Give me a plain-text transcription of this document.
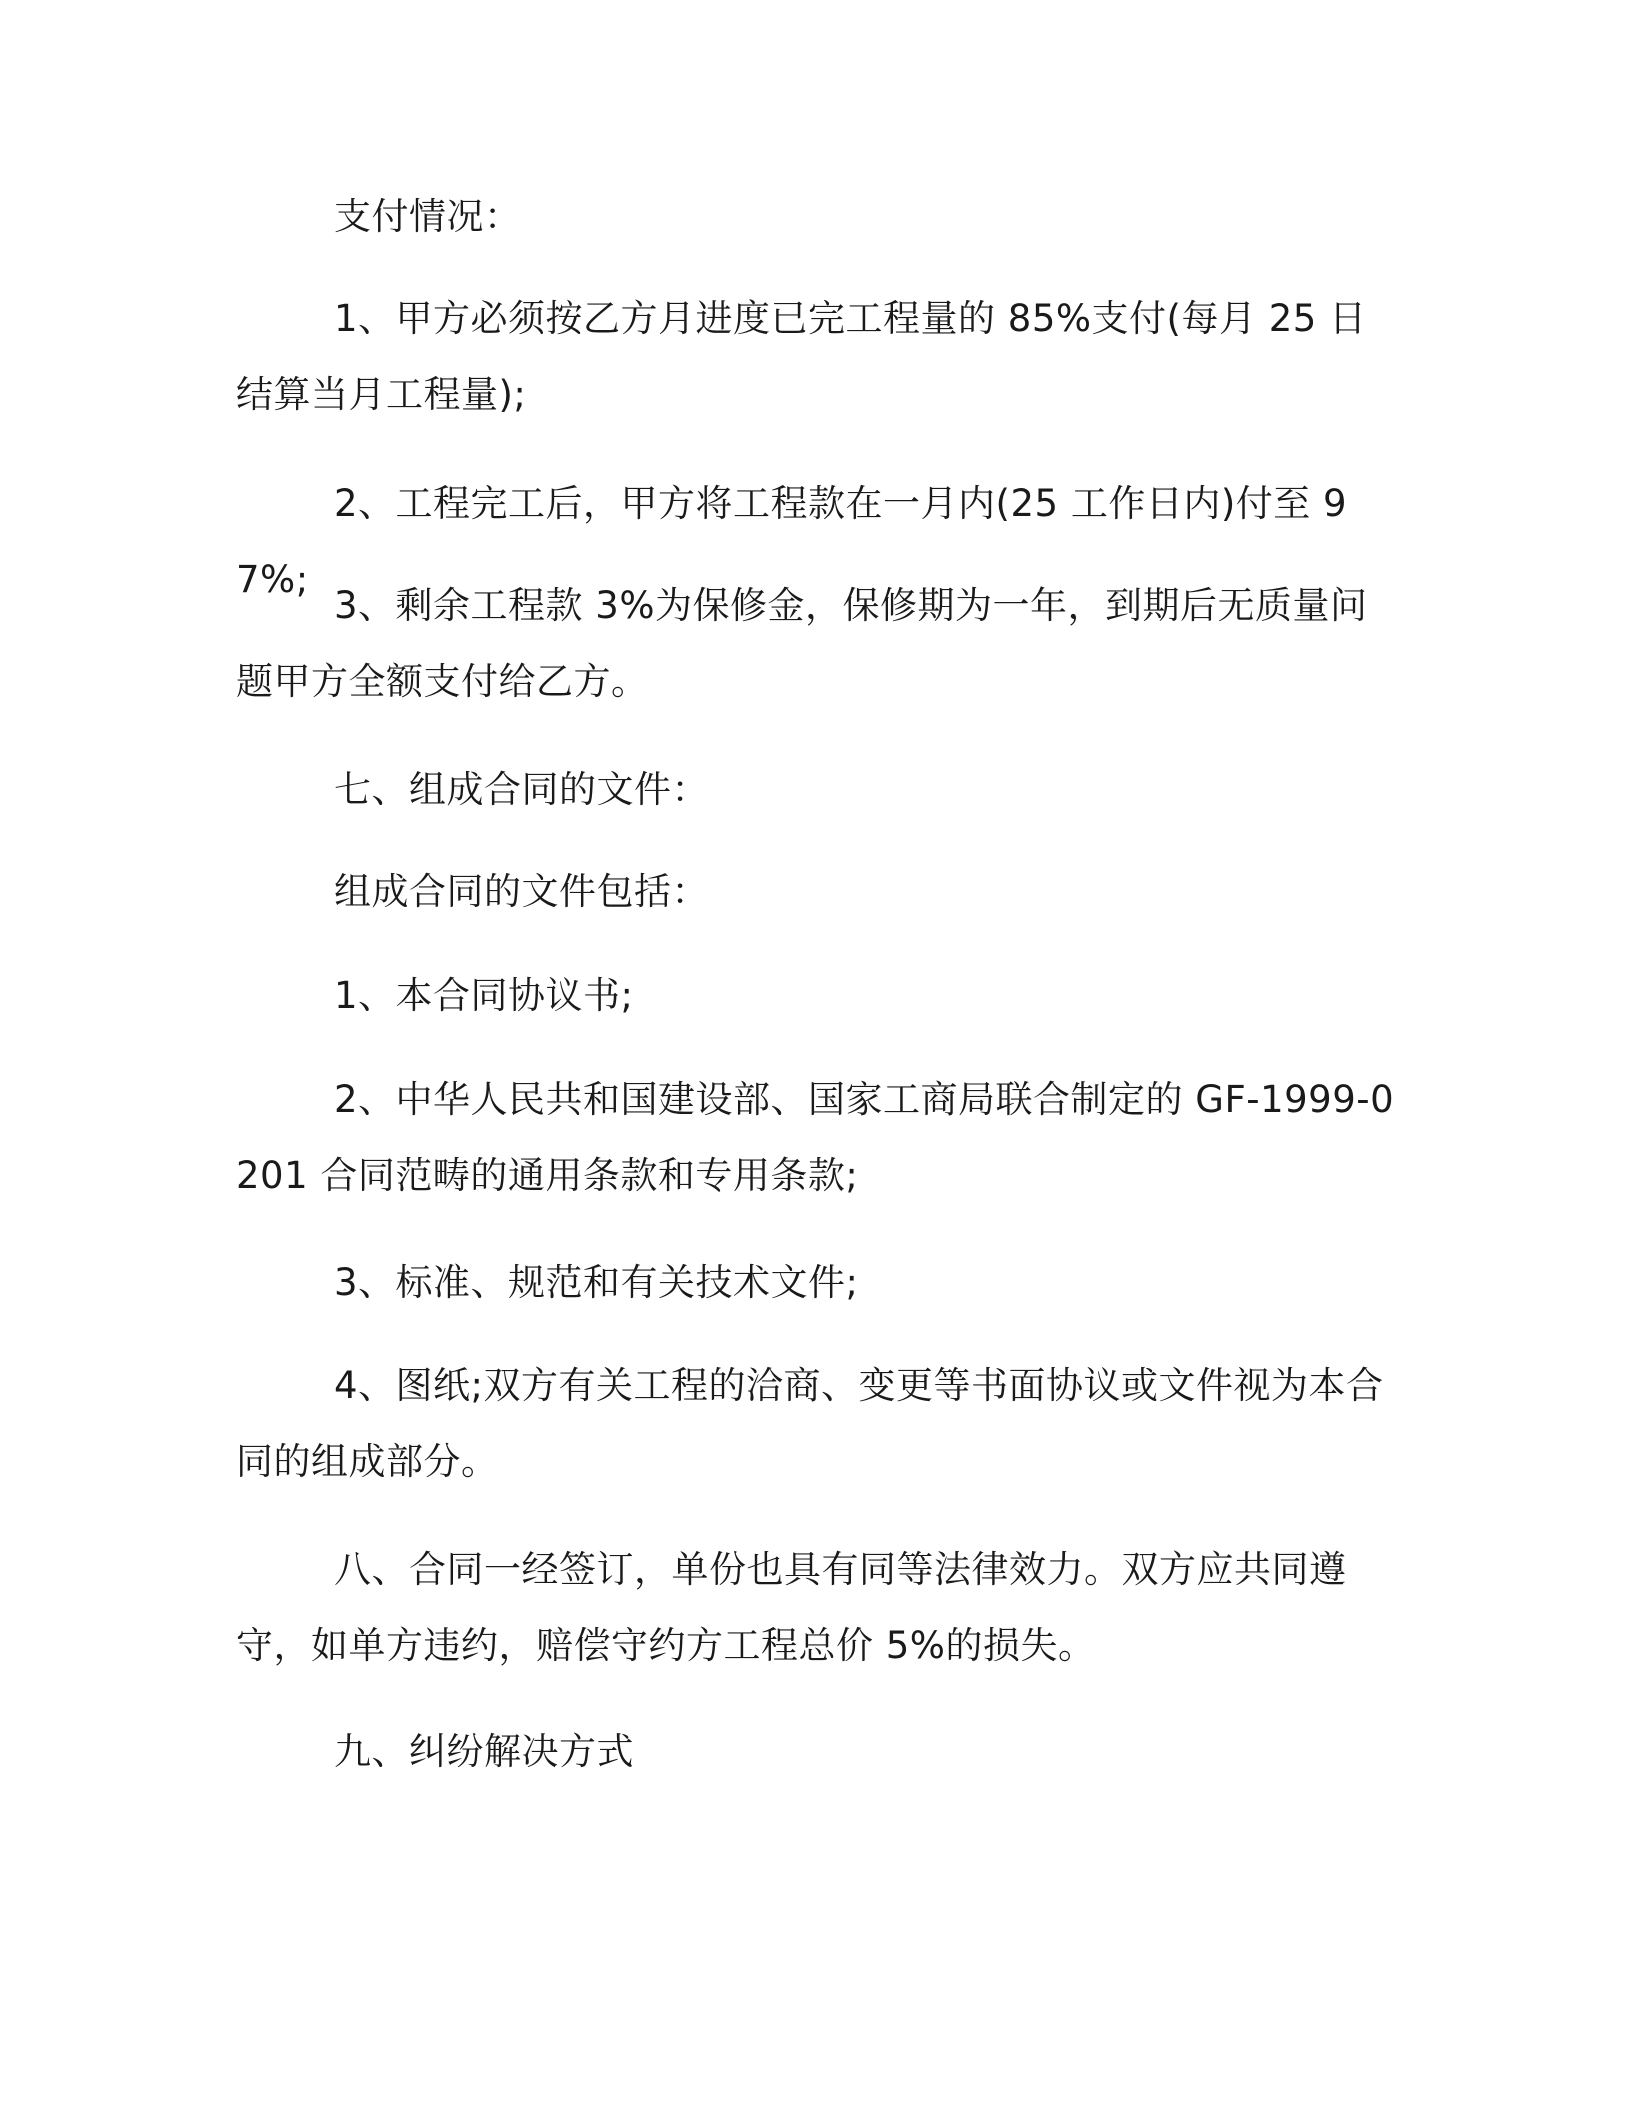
支付情况：

1、甲方必须按乙方月进度已完工程量的 85%支付(每月 25 日结算当月工程量);

2、工程完工后，甲方将工程款在一月内(25 工作日内)付至 97%;

3、剩余工程款 3%为保修金，保修期为一年，到期后无质量问题甲方全额支付给乙方。

七、组成合同的文件：

组成合同的文件包括：

1、本合同协议书;

2、中华人民共和国建设部、国家工商局联合制定的 GF-1999-0201 合同范畴的通用条款和专用条款;

3、标准、规范和有关技术文件;

4、图纸;双方有关工程的洽商、变更等书面协议或文件视为本合同的组成部分。

八、合同一经签订，单份也具有同等法律效力。双方应共同遵守，如单方违约，赔偿守约方工程总价 5%的损失。

九、纠纷解决方式
